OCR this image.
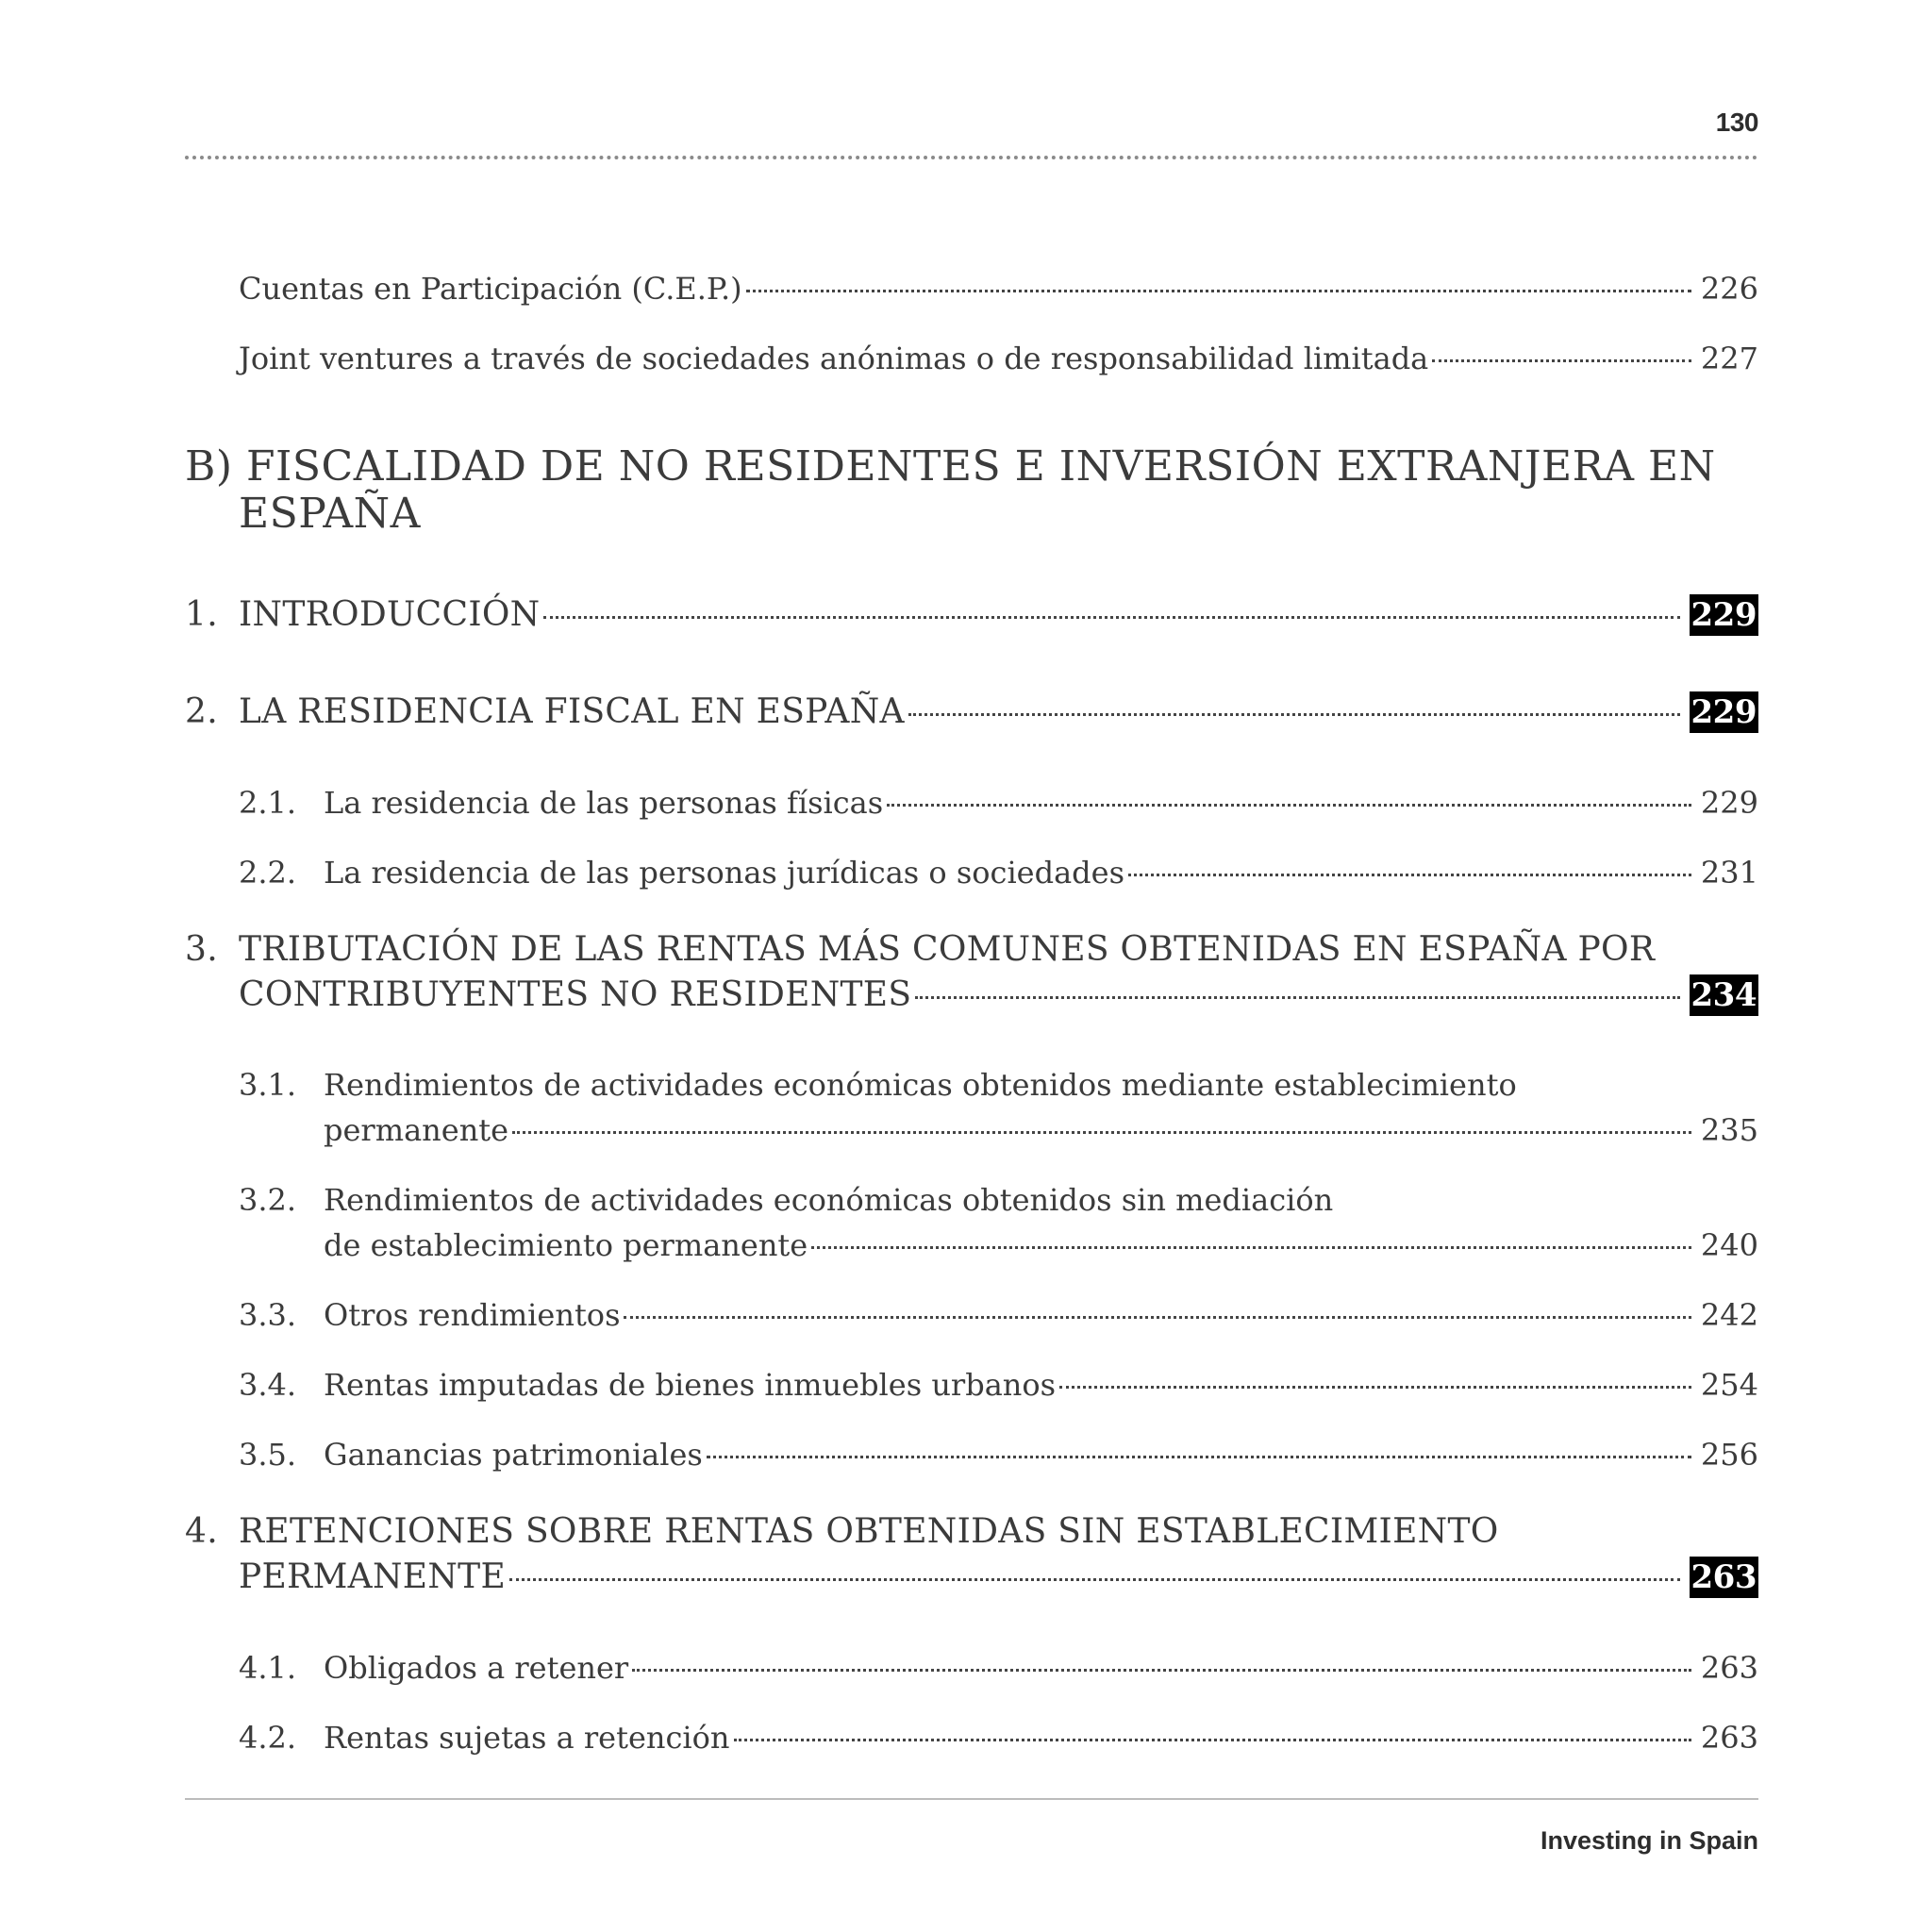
130
Cuentas en Participación (C.E.P.)	226
Joint ventures a través de sociedades anónimas o de responsabilidad limitada	227
B) FISCALIDAD DE NO RESIDENTES E INVERSIÓN EXTRANJERA EN
ESPAÑA
1. INTRODUCCIÓN	229
2. LA RESIDENCIA FISCAL EN ESPAÑA	229
2.1. La residencia de las personas físicas	229
2.2. La residencia de las personas jurídicas o sociedades	231
3. TRIBUTACIÓN DE LAS RENTAS MÁS COMUNES OBTENIDAS EN ESPAÑA POR
CONTRIBUYENTES NO RESIDENTES	234
3.1. Rendimientos de actividades económicas obtenidos mediante establecimiento
permanente	235
3.2. Rendimientos de actividades económicas obtenidos sin mediación
de establecimiento permanente	240
3.3. Otros rendimientos	242
3.4. Rentas imputadas de bienes inmuebles urbanos	254
3.5. Ganancias patrimoniales	256
4. RETENCIONES SOBRE RENTAS OBTENIDAS SIN ESTABLECIMIENTO
PERMANENTE	263
4.1. Obligados a retener	263
4.2. Rentas sujetas a retención	263
Investing in Spain
